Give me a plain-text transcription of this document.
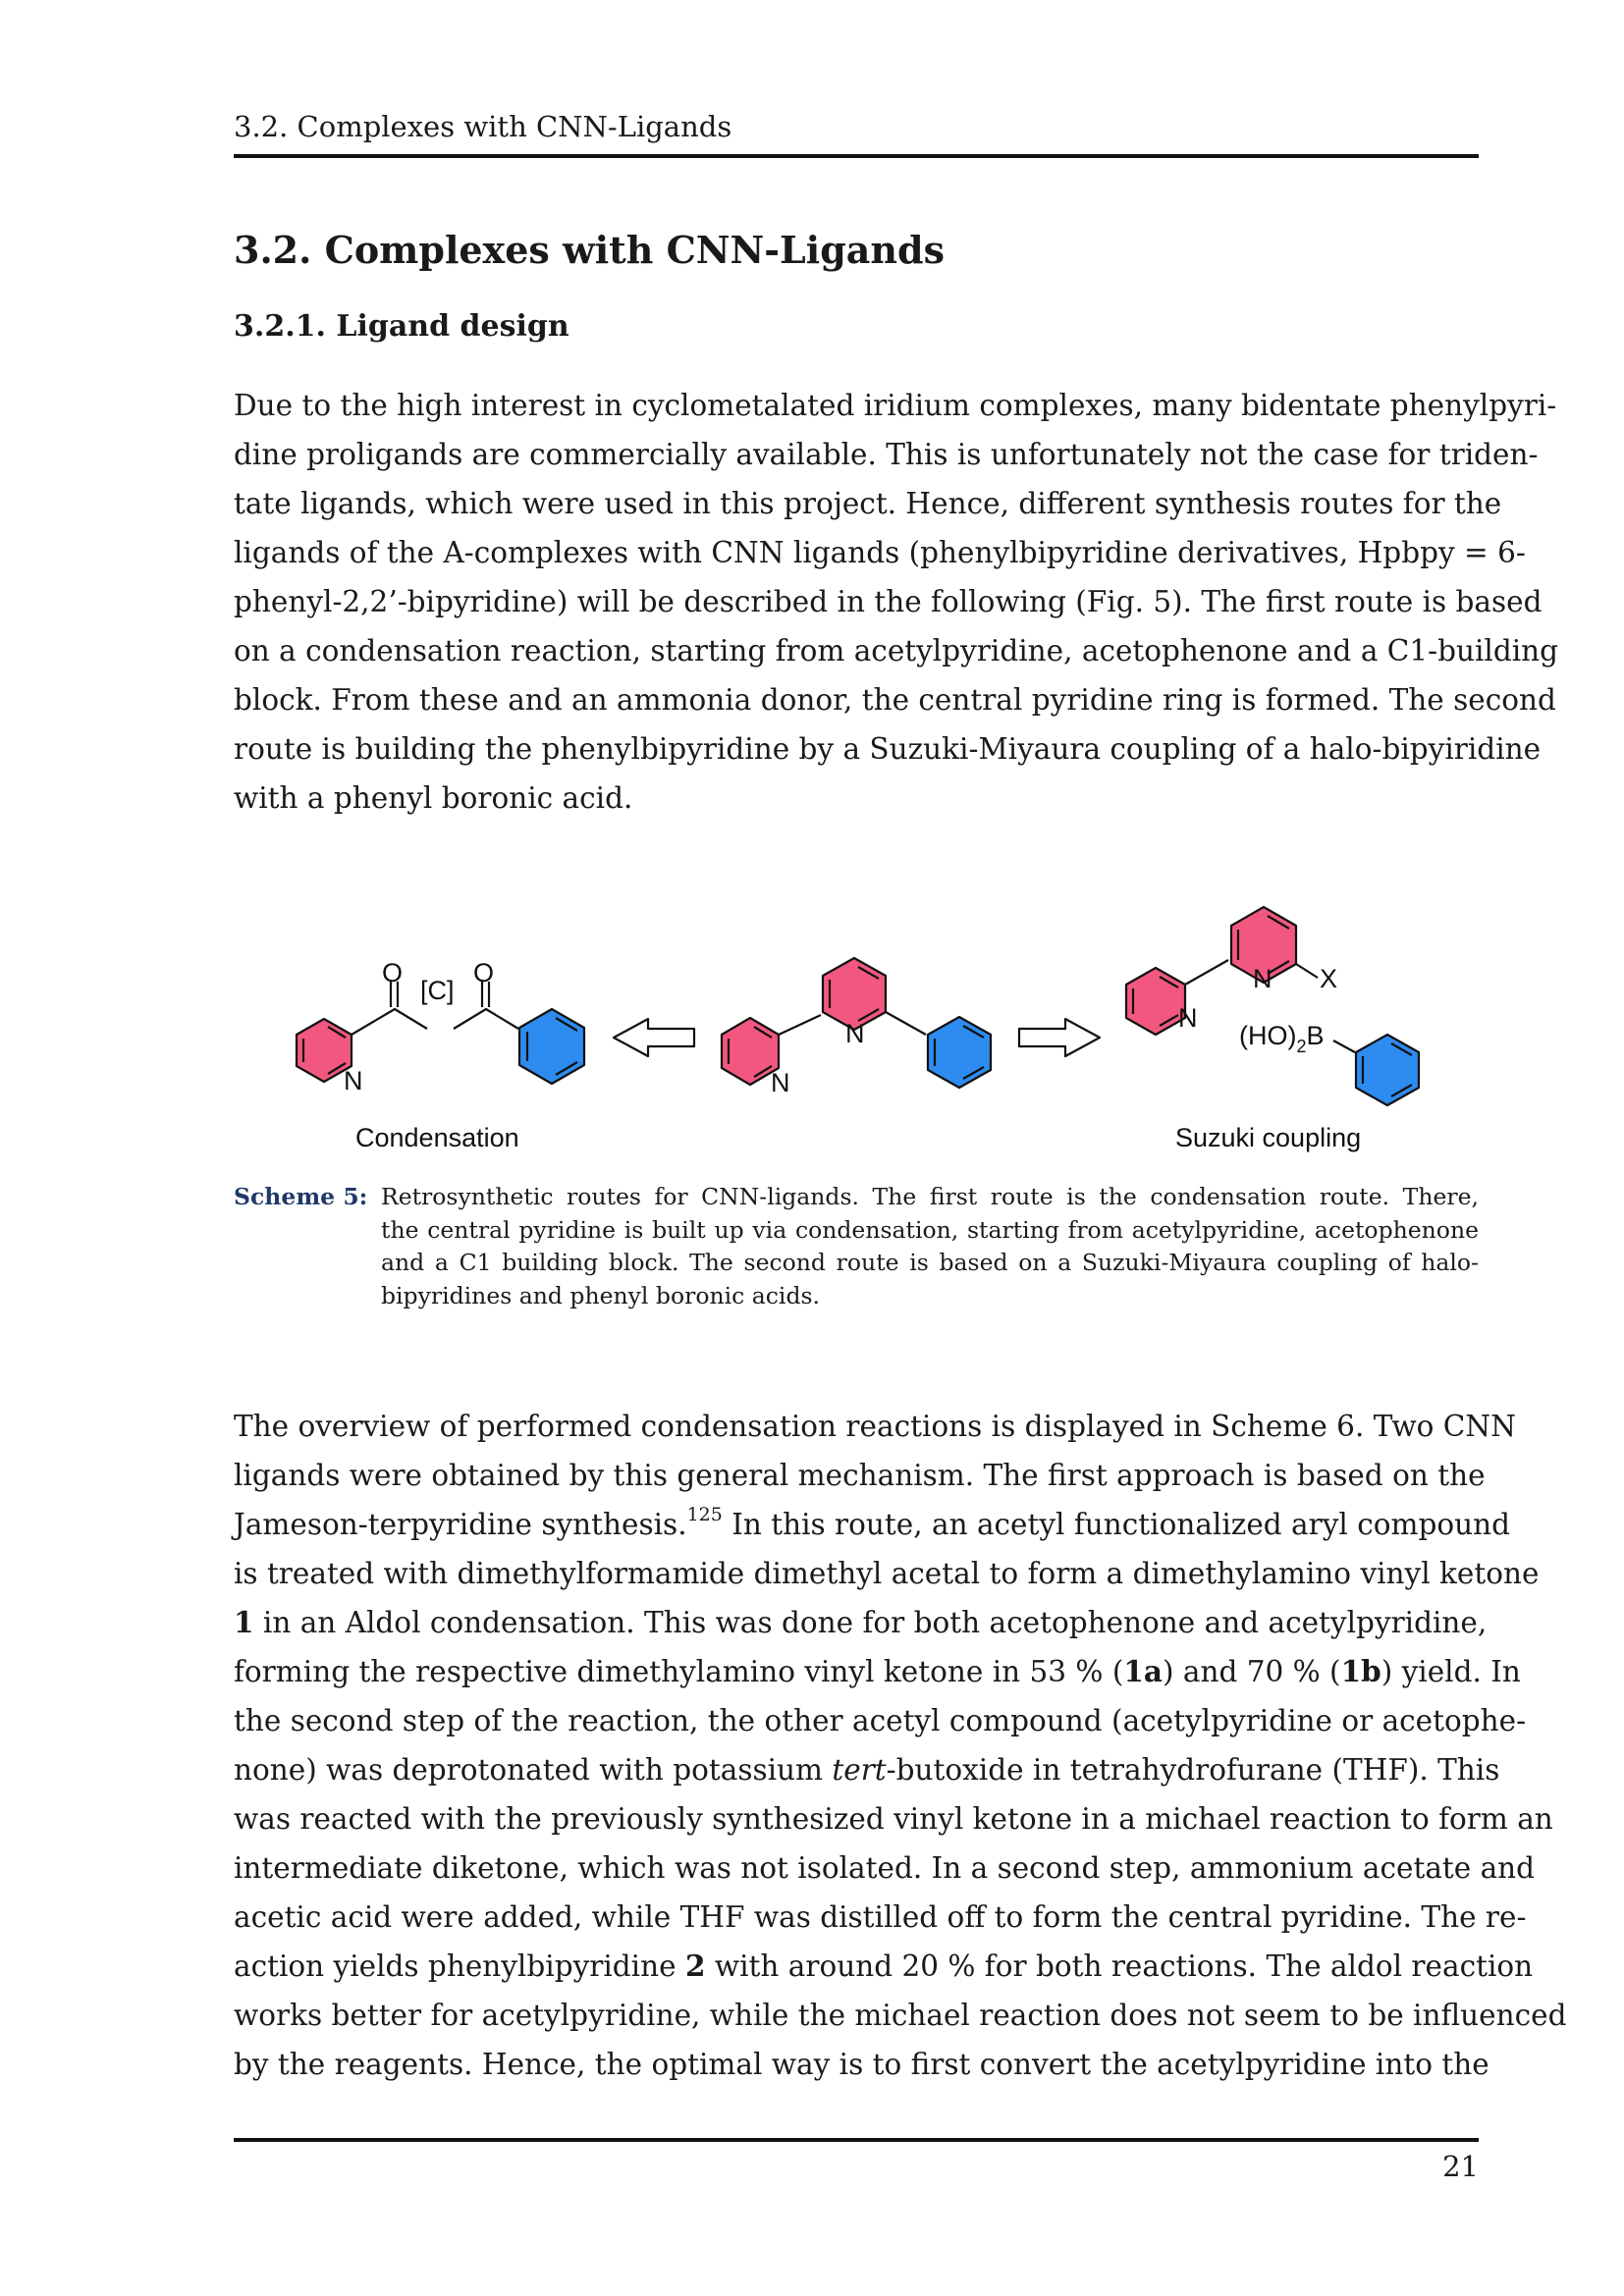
3.2. Complexes with CNN-Ligands
3.2. Complexes with CNN-Ligands
3.2.1. Ligand design

Due to the high interest in cyclometalated iridium complexes, many bidentate phenylpyri-
dine proligands are commercially available. This is unfortunately not the case for triden-
tate ligands, which were used in this project. Hence, different synthesis routes for the
ligands of the A-complexes with CNN ligands (phenylbipyridine derivatives, Hpbpy = 6-
phenyl-2,2’-bipyridine) will be described in the following (Fig. 5). The first route is based
on a condensation reaction, starting from acetylpyridine, acetophenone and a C1-building
block. From these and an ammonia donor, the central pyridine ring is formed. The second
route is building the phenylbipyridine by a Suzuki-Miyaura coupling of a halo-bipyiridine
with a phenyl boronic acid.

O
[C]
O
N	N
N
N
N X
$(HO)_2B$
Condensation	Suzuki coupling
Scheme 5: Retrosynthetic routes for CNN-ligands. The first route is the condensation route. There,
the central pyridine is built up via condensation, starting from acetylpyridine, acetophenone
and a C1 building block. The second route is based on a Suzuki-Miyaura coupling of halo-
bipyridines and phenyl boronic acids.

The overview of performed condensation reactions is displayed in Scheme 6. Two CNN
ligands were obtained by this general mechanism. The first approach is based on the
Jameson-terpyridine synthesis.$^{125}$ In this route, an acetyl functionalized aryl compound
is treated with dimethylformamide dimethyl acetal to form a dimethylamino vinyl ketone
1 in an Aldol condensation. This was done for both acetophenone and acetylpyridine,
forming the respective dimethylamino vinyl ketone in 53 % (1a) and 70 % (1b) yield. In
the second step of the reaction, the other acetyl compound (acetylpyridine or acetophe-
none) was deprotonated with potassium tert-butoxide in tetrahydrofurane (THF). This
was reacted with the previously synthesized vinyl ketone in a michael reaction to form an
intermediate diketone, which was not isolated. In a second step, ammonium acetate and
acetic acid were added, while THF was distilled off to form the central pyridine. The re-
action yields phenylbipyridine 2 with around 20 % for both reactions. The aldol reaction
works better for acetylpyridine, while the michael reaction does not seem to be influenced
by the reagents. Hence, the optimal way is to first convert the acetylpyridine into the

21
